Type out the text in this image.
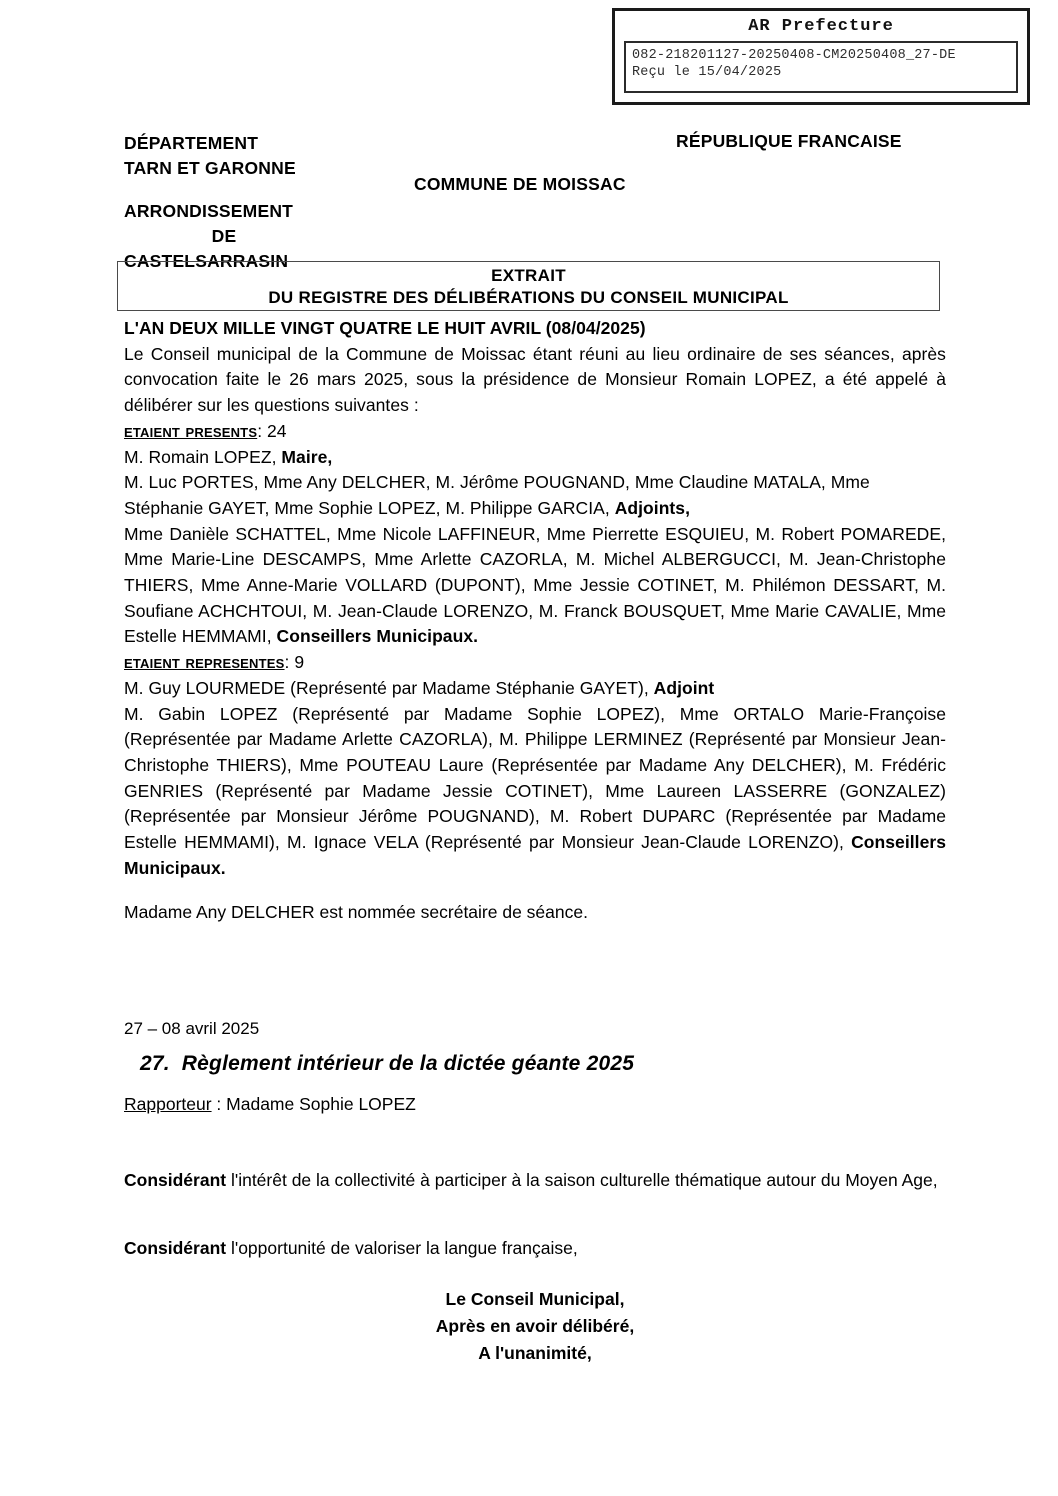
AR Prefecture
082-218201127-20250408-CM20250408_27-DE
Reçu le 15/04/2025
DÉPARTEMENT
TARN ET GARONNE
ARRONDISSEMENT
DE
CASTELSARRASIN
RÉPUBLIQUE FRANCAISE
COMMUNE DE MOISSAC
EXTRAIT
DU REGISTRE DES DÉLIBÉRATIONS DU CONSEIL MUNICIPAL
L'AN DEUX MILLE VINGT QUATRE LE HUIT AVRIL (08/04/2025)
Le Conseil municipal de la Commune de Moissac étant réuni au lieu ordinaire de ses séances, après convocation faite le 26 mars 2025, sous la présidence de Monsieur Romain LOPEZ, a été appelé à délibérer sur les questions suivantes :
etaient presents: 24
M. Romain LOPEZ, Maire,
M. Luc PORTES, Mme Any DELCHER, M. Jérôme POUGNAND, Mme Claudine MATALA, Mme Stéphanie GAYET, Mme Sophie LOPEZ, M. Philippe GARCIA, Adjoints,
Mme Danièle SCHATTEL, Mme Nicole LAFFINEUR, Mme Pierrette ESQUIEU, M. Robert POMAREDE, Mme Marie-Line DESCAMPS, Mme Arlette CAZORLA, M. Michel ALBERGUCCI, M. Jean-Christophe THIERS, Mme Anne-Marie VOLLARD (DUPONT), Mme Jessie COTINET, M. Philémon DESSART, M. Soufiane ACHCHTOUI, M. Jean-Claude LORENZO, M. Franck BOUSQUET, Mme Marie CAVALIE, Mme Estelle HEMMAMI, Conseillers Municipaux.
etaient representes: 9
M. Guy LOURMEDE (Représenté par Madame Stéphanie GAYET), Adjoint
M. Gabin LOPEZ (Représenté par Madame Sophie LOPEZ), Mme ORTALO Marie-Françoise (Représentée par Madame Arlette CAZORLA), M. Philippe LERMINEZ (Représenté par Monsieur Jean-Christophe THIERS), Mme POUTEAU Laure (Représentée par Madame Any DELCHER), M. Frédéric GENRIES (Représenté par Madame Jessie COTINET), Mme Laureen LASSERRE (GONZALEZ) (Représentée par Monsieur Jérôme POUGNAND), M. Robert DUPARC (Représentée par Madame Estelle HEMMAMI), M. Ignace VELA (Représenté par Monsieur Jean-Claude LORENZO), Conseillers Municipaux.
Madame Any DELCHER est nommée secrétaire de séance.
27 – 08 avril 2025
27. Règlement intérieur de la dictée géante 2025
Rapporteur : Madame Sophie LOPEZ
Considérant l'intérêt de la collectivité à participer à la saison culturelle thématique autour du Moyen Age,
Considérant l'opportunité de valoriser la langue française,
Le Conseil Municipal,
Après en avoir délibéré,
A l'unanimité,
